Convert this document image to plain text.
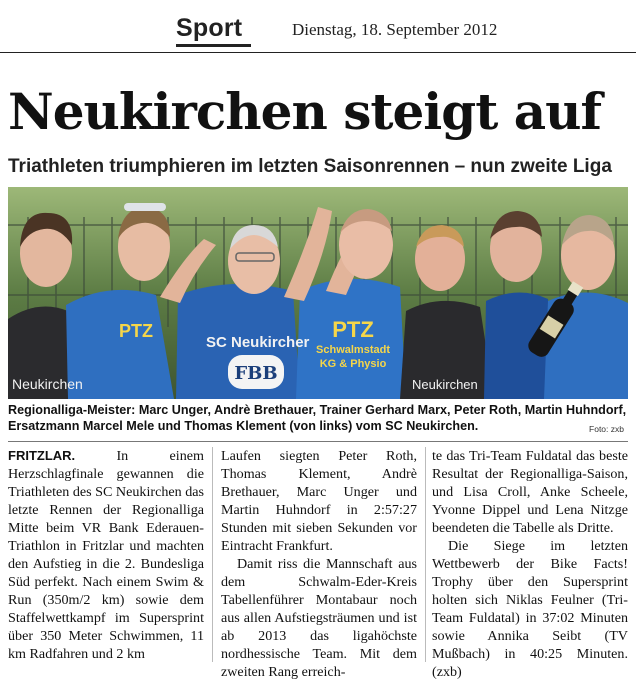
Sport	Dienstag, 18. September 2012
Neukirchen steigt auf
Triathleten triumphieren im letzten Saisonrennen – nun zweite Liga
Neukirchen
SC Neukircher
FBB
PTZ
Schwalmstadt
KG & Physio
PTZ
Neukirchen
Regionalliga-Meister: Marc Unger, Andrè Brethauer, Trainer Gerhard Marx, Peter Roth, Martin Huhndorf, Ersatzmann Marcel Mele und Thomas Klement (von links) vom SC Neukirchen.	Foto: zxb

FRITZLAR.	In einem Herzschlagfinale gewannen die Triathleten des SC Neukirchen das letzte Rennen der Regionalliga Mitte beim VR Bank Ederauen-Triathlon in Fritzlar und machten den Aufstieg in die 2. Bundesliga Süd perfekt. Nach einem Swim & Run (350m/2 km) sowie dem Staffelwettkampf im Supersprint über 350 Meter Schwimmen, 11 km Radfahren und 2 km

Laufen siegten Peter Roth, Thomas Klement, Andrè Brethauer, Marc Unger und Martin Huhndorf in 2:57:27 Stunden mit sieben Sekunden vor Eintracht Frankfurt.

Damit riss die Mannschaft aus dem Schwalm-Eder-Kreis Tabellenführer Montabaur noch aus allen Aufstiegsträumen und ist ab 2013 das ligahöchste nordhessische Team. Mit dem zweiten Rang erreich-

te das Tri-Team Fuldatal das beste Resultat der Regionalliga-Saison, und Lisa Croll, Anke Scheele, Yvonne Dippel und Lena Nitzge beendeten die Tabelle als Dritte.

Die Siege im letzten Wettbewerb der Bike Facts! Trophy über den Supersprint holten sich Niklas Feulner (Tri-Team Fuldatal) in 37:02 Minuten sowie Annika Seibt (TV Mußbach) in 40:25 Minuten. (zxb)
